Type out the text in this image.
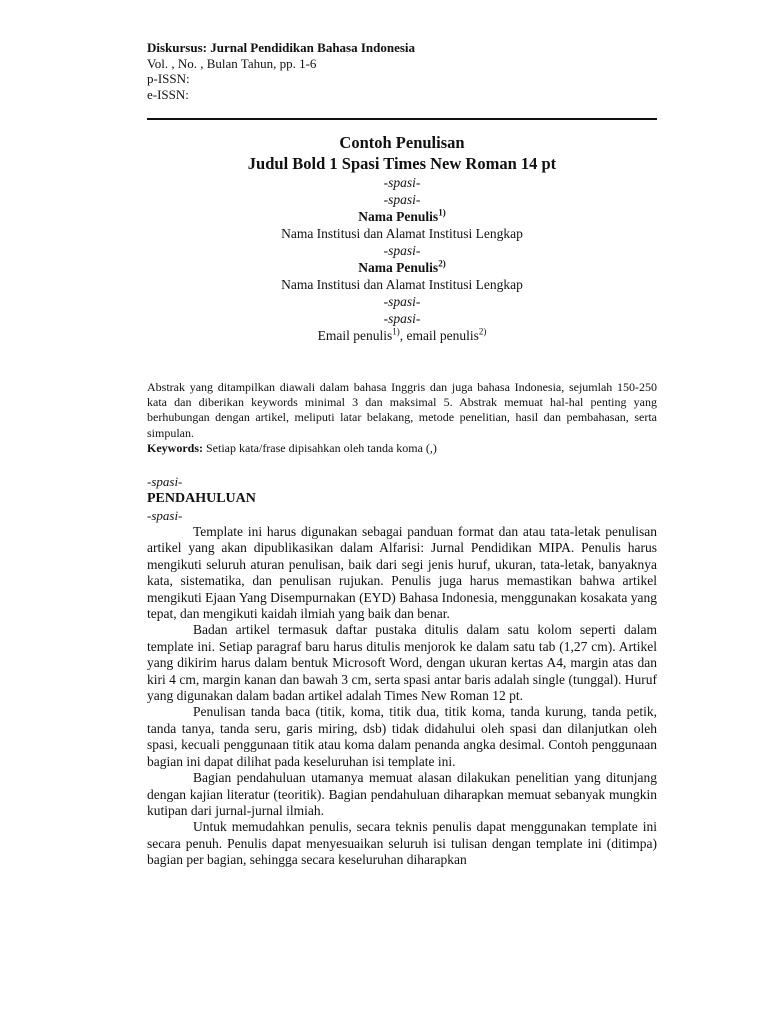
Diskursus: Jurnal Pendidikan Bahasa Indonesia
Vol. , No. , Bulan Tahun, pp. 1-6
p-ISSN:
e-ISSN:
Contoh Penulisan
Judul Bold 1 Spasi Times New Roman 14 pt
-spasi-
-spasi-
Nama Penulis$^{1)}$
Nama Institusi dan Alamat Institusi Lengkap
-spasi-
Nama Penulis$^{2)}$
Nama Institusi dan Alamat Institusi Lengkap
-spasi-
-spasi-
Email penulis$^{1)}$, email penulis$^{2)}$
Abstrak yang ditampilkan diawali dalam bahasa Inggris dan juga bahasa Indonesia, sejumlah 150-250 kata dan diberikan keywords minimal 3 dan maksimal 5. Abstrak memuat hal-hal penting yang berhubungan dengan artikel, meliputi latar belakang, metode penelitian, hasil dan pembahasan, serta simpulan.
Keywords: Setiap kata/frase dipisahkan oleh tanda koma (,)
-spasi-
PENDAHULUAN
-spasi-

Template ini harus digunakan sebagai panduan format dan atau tata-letak penulisan artikel yang akan dipublikasikan dalam Alfarisi: Jurnal Pendidikan MIPA. Penulis harus mengikuti seluruh aturan penulisan, baik dari segi jenis huruf, ukuran, tata-letak, banyaknya kata, sistematika, dan penulisan rujukan. Penulis juga harus memastikan bahwa artikel mengikuti Ejaan Yang Disempurnakan (EYD) Bahasa Indonesia, menggunakan kosakata yang tepat, dan mengikuti kaidah ilmiah yang baik dan benar.

Badan artikel termasuk daftar pustaka ditulis dalam satu kolom seperti dalam template ini. Setiap paragraf baru harus ditulis menjorok ke dalam satu tab (1,27 cm). Artikel yang dikirim harus dalam bentuk Microsoft Word, dengan ukuran kertas A4, margin atas dan kiri 4 cm, margin kanan dan bawah 3 cm, serta spasi antar baris adalah single (tunggal). Huruf yang digunakan dalam badan artikel adalah Times New Roman 12 pt.

Penulisan tanda baca (titik, koma, titik dua, titik koma, tanda kurung, tanda petik, tanda tanya, tanda seru, garis miring, dsb) tidak didahului oleh spasi dan dilanjutkan oleh spasi, kecuali penggunaan titik atau koma dalam penanda angka desimal. Contoh penggunaan bagian ini dapat dilihat pada keseluruhan isi template ini.

Bagian pendahuluan utamanya memuat alasan dilakukan penelitian yang ditunjang dengan kajian literatur (teoritik). Bagian pendahuluan diharapkan memuat sebanyak mungkin kutipan dari jurnal-jurnal ilmiah.

Untuk memudahkan penulis, secara teknis penulis dapat menggunakan template ini secara penuh. Penulis dapat menyesuaikan seluruh isi tulisan dengan template ini (ditimpa) bagian per bagian, sehingga secara keseluruhan diharapkan
